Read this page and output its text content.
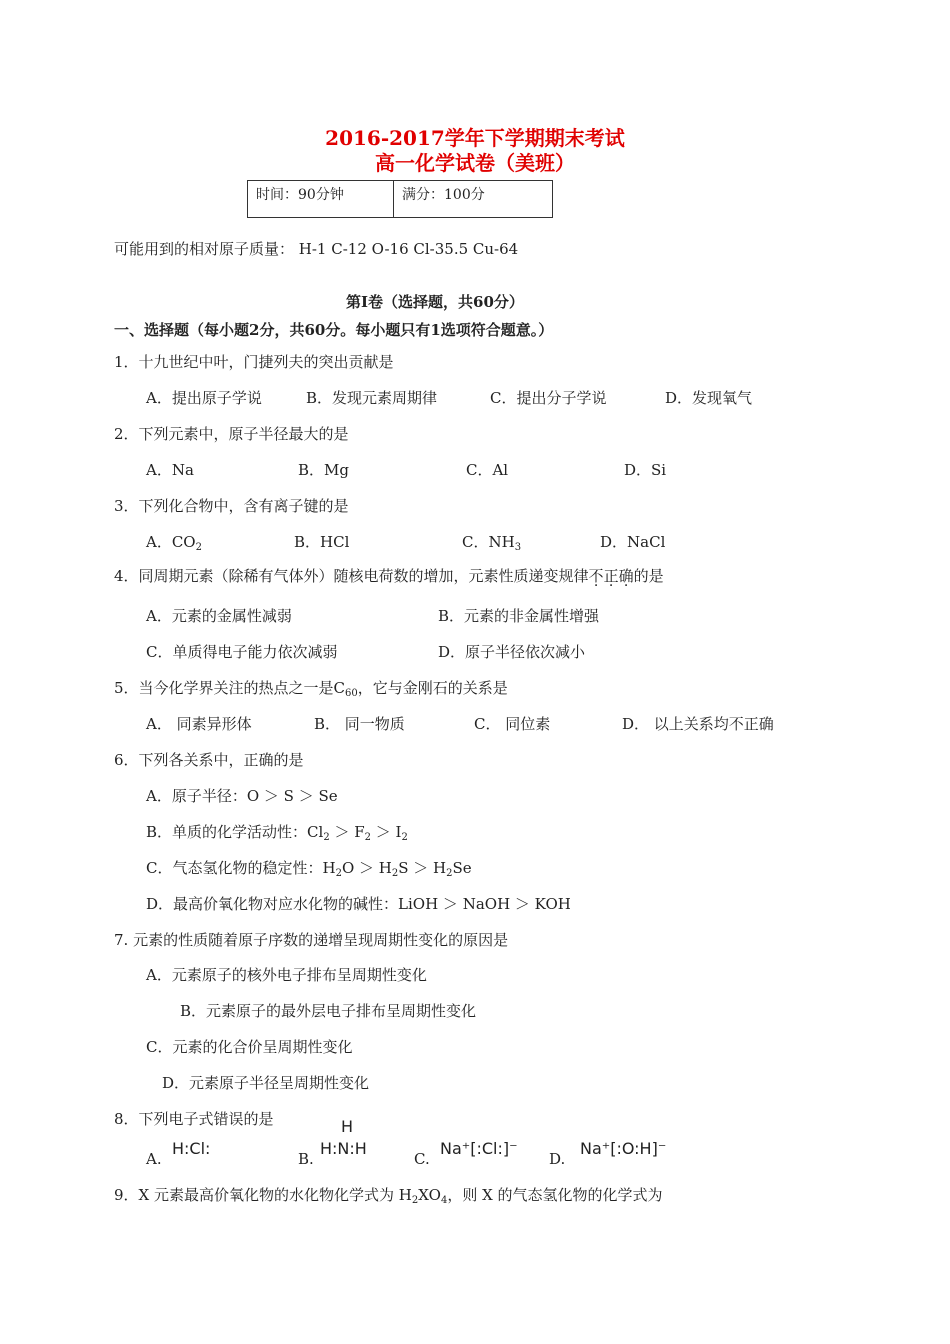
2016-2017学年下学期期末考试
高一化学试卷（美班）
时间：90分钟	满分：100分
可能用到的相对原子质量： H-1 C-12 O-16 Cl-35.5 Cu-64
第Ⅰ卷（选择题，共60分）
一、选择题（每小题2分，共60分。每小题只有1选项符合题意。）
1．十九世纪中叶，门捷列夫的突出贡献是
A．提出原子学说	B．发现元素周期律	C．提出分子学说	D．发现氧气
2．下列元素中，原子半径最大的是
A．Na	B．Mg	C．Al	D．Si
3．下列化合物中，含有离子键的是
A．$CO_2$	B．HCl	C．$NH_3$	D．NaCl
4．同周期元素（除稀有气体外）随核电荷数的增加，元素性质递变规律不正确的是
A．元素的金属性减弱	B．元素的非金属性增强
C．单质得电子能力依次减弱	D．原子半径依次减小
5．当今化学界关注的热点之一是$C_{60}$，它与金刚石的关系是
A． 同素异形体	B． 同一物质	C． 同位素	D． 以上关系均不正确
6．下列各关系中，正确的是
A．原子半径：O ＞ S ＞ Se
B．单质的化学活动性：$Cl_2 > F_2 > I_2$
C．气态氢化物的稳定性：$H_2O > H_2S > H_2Se$
D．最高价氧化物对应水化物的碱性：LiOH ＞ NaOH ＞ KOH
7. 元素的性质随着原子序数的递增呈现周期性变化的原因是
A．元素原子的核外电子排布呈周期性变化
B．元素原子的最外层电子排布呈周期性变化
C．元素的化合价呈周期性变化
D．元素原子半径呈周期性变化
8．下列电子式错误的是
A.
H:Cl:
B.
H
H:N:H
C.
Na⁺[:Cl:]⁻
D.
Na⁺[:O:H]⁻
9．X 元素最高价氧化物的水化物化学式为 $H_2XO_4$，则 X 的气态氢化物的化学式为
